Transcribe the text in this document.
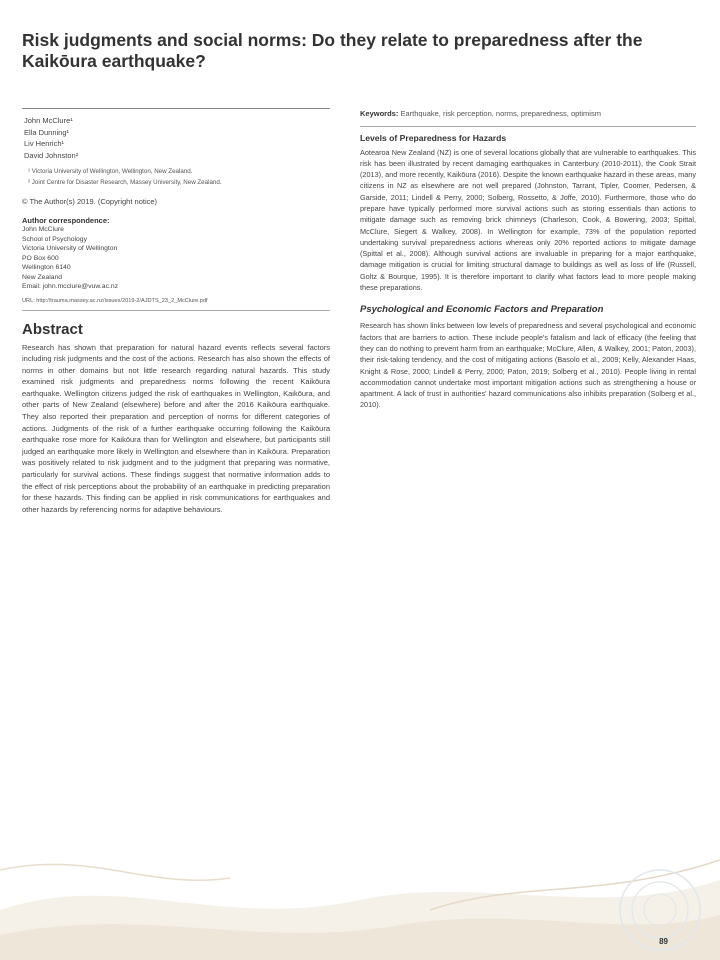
Risk judgments and social norms: Do they relate to preparedness after the Kaikōura earthquake?
John McClure¹
Ella Dunning¹
Liv Henrich¹
David Johnston²
¹ Victoria University of Wellington, Wellington, New Zealand.
² Joint Centre for Disaster Research, Massey University, New Zealand.
© The Author(s) 2019. (Copyright notice)
Author correspondence:
John McClure
School of Psychology
Victoria University of Wellington
PO Box 600
Wellington 6140
New Zealand
Email: john.mcclure@vuw.ac.nz
URL: http://trauma.massey.ac.nz/issues/2019-2/AJDTS_23_2_McClure.pdf
Abstract
Research has shown that preparation for natural hazard events reflects several factors including risk judgments and the cost of the actions. Research has also shown the effects of norms in other domains but not little research regarding natural hazards. This study examined risk judgments and preparedness norms following the recent Kaikōura earthquake. Wellington citizens judged the risk of earthquakes in Wellington, Kaikōura, and other parts of New Zealand (elsewhere) before and after the 2016 Kaikōura earthquake. They also reported their preparation and perception of norms for different categories of actions. Judgments of the risk of a further earthquake occurring following the Kaikōura earthquake rose more for Kaikōura than for Wellington and elsewhere, but participants still judged an earthquake more likely in Wellington and elsewhere than in Kaikōura. Preparation was positively related to risk judgment and to the judgment that preparing was normative, particularly for survival actions. These findings suggest that normative information adds to the effect of risk perceptions about the probability of an earthquake in predicting preparation for these hazards. This finding can be applied in risk communications for earthquakes and other hazards by referencing norms for adaptive behaviours.
Keywords: Earthquake, risk perception, norms, preparedness, optimism
Levels of Preparedness for Hazards
Aotearoa New Zealand (NZ) is one of several locations globally that are vulnerable to earthquakes. This risk has been illustrated by recent damaging earthquakes in Canterbury (2010-2011), the Cook Strait (2013), and more recently, Kaikōura (2016). Despite the known earthquake hazard in these areas, many citizens in NZ as elsewhere are not well prepared (Johnston, Tarrant, Tipler, Coomer, Pedersen, & Garside, 2011; Lindell & Perry, 2000; Solberg, Rossetto, & Joffe, 2010). Furthermore, those who do prepare have typically performed more survival actions such as storing essentials than actions to mitigate damage such as removing brick chimneys (Charleson, Cook, & Bowering, 2003; Spittal, McClure, Siegert & Walkey, 2008). In Wellington for example, 73% of the population reported undertaking survival preparedness actions whereas only 20% reported actions to mitigate damage (Spittal et al., 2008). Although survival actions are invaluable in preparing for a major earthquake, damage mitigation is crucial for limiting structural damage to buildings as well as loss of life (Russell, Goltz & Bourque, 1995). It is therefore important to clarify what factors lead to more people making these preparations.
Psychological and Economic Factors and Preparation
Research has shown links between low levels of preparedness and several psychological and economic factors that are barriers to action. These include people's fatalism and lack of efficacy (the feeling that they can do nothing to prevent harm from an earthquake; McClure, Allen, & Walkey, 2001; Paton, 2003), their risk-taking tendency, and the cost of mitigating actions (Basolo et al., 2009; Kelly, Alexander Haas, Knight & Rose, 2000; Lindell & Perry, 2000; Paton, 2019; Solberg et al., 2010). People living in rental accommodation cannot undertake most important mitigation actions such as strengthening a house or apartment. A lack of trust in authorities' hazard communications also inhibits preparation (Solberg et al., 2010).
89
